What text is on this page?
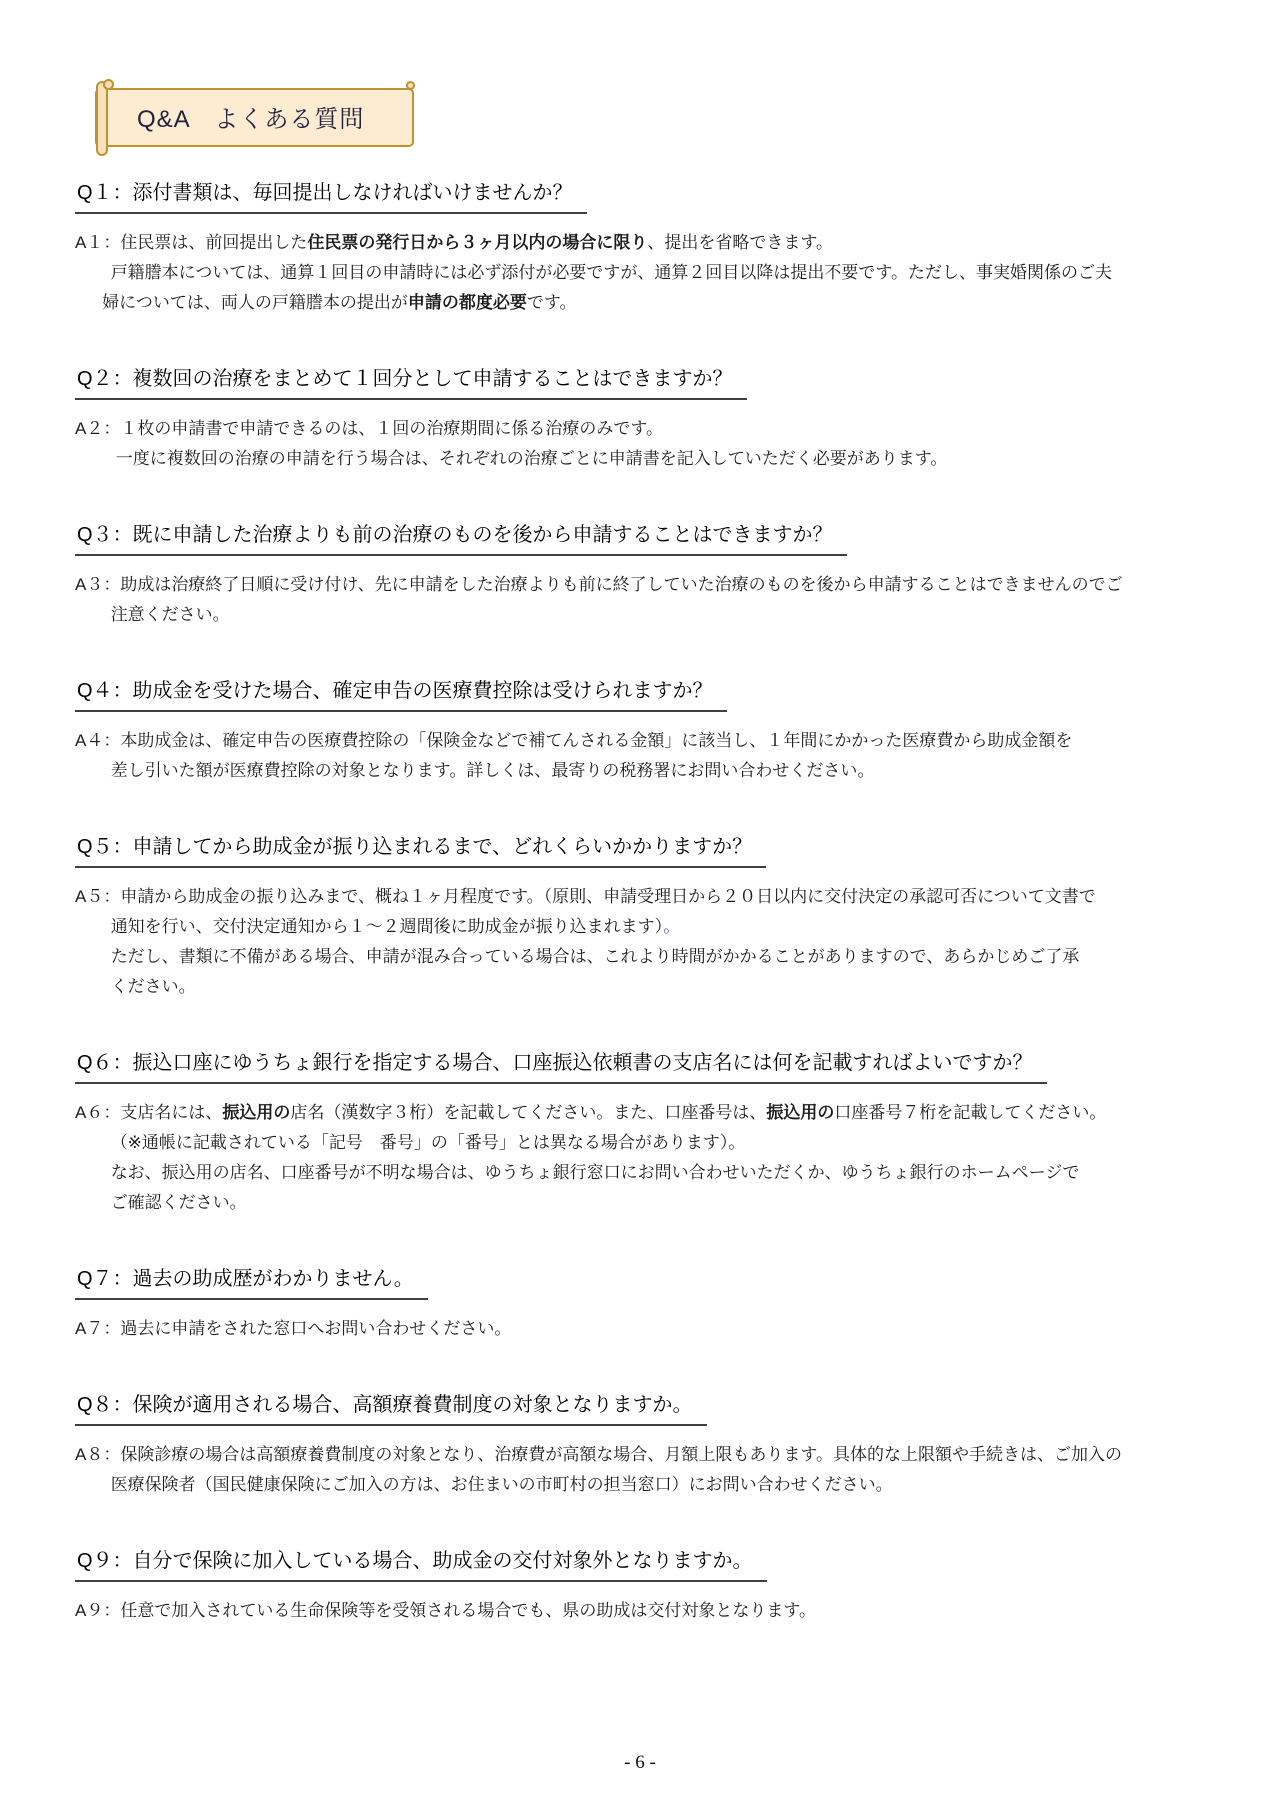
Q&A　よくある質問
Q１：添付書類は、毎回提出しなければいけませんか？
A１：住民票は、前回提出した住民票の発行日から３ヶ月以内の場合に限り、提出を省略できます。
戸籍謄本については、通算１回目の申請時には必ず添付が必要ですが、通算２回目以降は提出不要です。ただし、事実婚関係のご夫
婦については、両人の戸籍謄本の提出が申請の都度必要です。
Q２：複数回の治療をまとめて１回分として申請することはできますか？
A２：１枚の申請書で申請できるのは、１回の治療期間に係る治療のみです。
一度に複数回の治療の申請を行う場合は、それぞれの治療ごとに申請書を記入していただく必要があります。
Q３：既に申請した治療よりも前の治療のものを後から申請することはできますか？
A３：助成は治療終了日順に受け付け、先に申請をした治療よりも前に終了していた治療のものを後から申請することはできませんのでご
注意ください。
Q４：助成金を受けた場合、確定申告の医療費控除は受けられますか？
A４：本助成金は、確定申告の医療費控除の「保険金などで補てんされる金額」に該当し、１年間にかかった医療費から助成金額を
差し引いた額が医療費控除の対象となります。詳しくは、最寄りの税務署にお問い合わせください。
Q５：申請してから助成金が振り込まれるまで、どれくらいかかりますか？
A５：申請から助成金の振り込みまで、概ね１ヶ月程度です。（原則、申請受理日から２０日以内に交付決定の承認可否について文書で
通知を行い、交付決定通知から１～２週間後に助成金が振り込まれます）。
ただし、書類に不備がある場合、申請が混み合っている場合は、これより時間がかかることがありますので、あらかじめご了承
ください。
Q６：振込口座にゆうちょ銀行を指定する場合、口座振込依頼書の支店名には何を記載すればよいですか？
A６：支店名には、振込用の店名（漢数字３桁）を記載してください。また、口座番号は、振込用の口座番号７桁を記載してください。
（※通帳に記載されている「記号　番号」の「番号」とは異なる場合があります）。
なお、振込用の店名、口座番号が不明な場合は、ゆうちょ銀行窓口にお問い合わせいただくか、ゆうちょ銀行のホームページで
ご確認ください。
Q７：過去の助成歴がわかりません。
A７：過去に申請をされた窓口へお問い合わせください。
Q８：保険が適用される場合、高額療養費制度の対象となりますか。
A８：保険診療の場合は高額療養費制度の対象となり、治療費が高額な場合、月額上限もあります。具体的な上限額や手続きは、ご加入の
医療保険者（国民健康保険にご加入の方は、お住まいの市町村の担当窓口）にお問い合わせください。
Q９：自分で保険に加入している場合、助成金の交付対象外となりますか。
A９：任意で加入されている生命保険等を受領される場合でも、県の助成は交付対象となります。
- 6 -
